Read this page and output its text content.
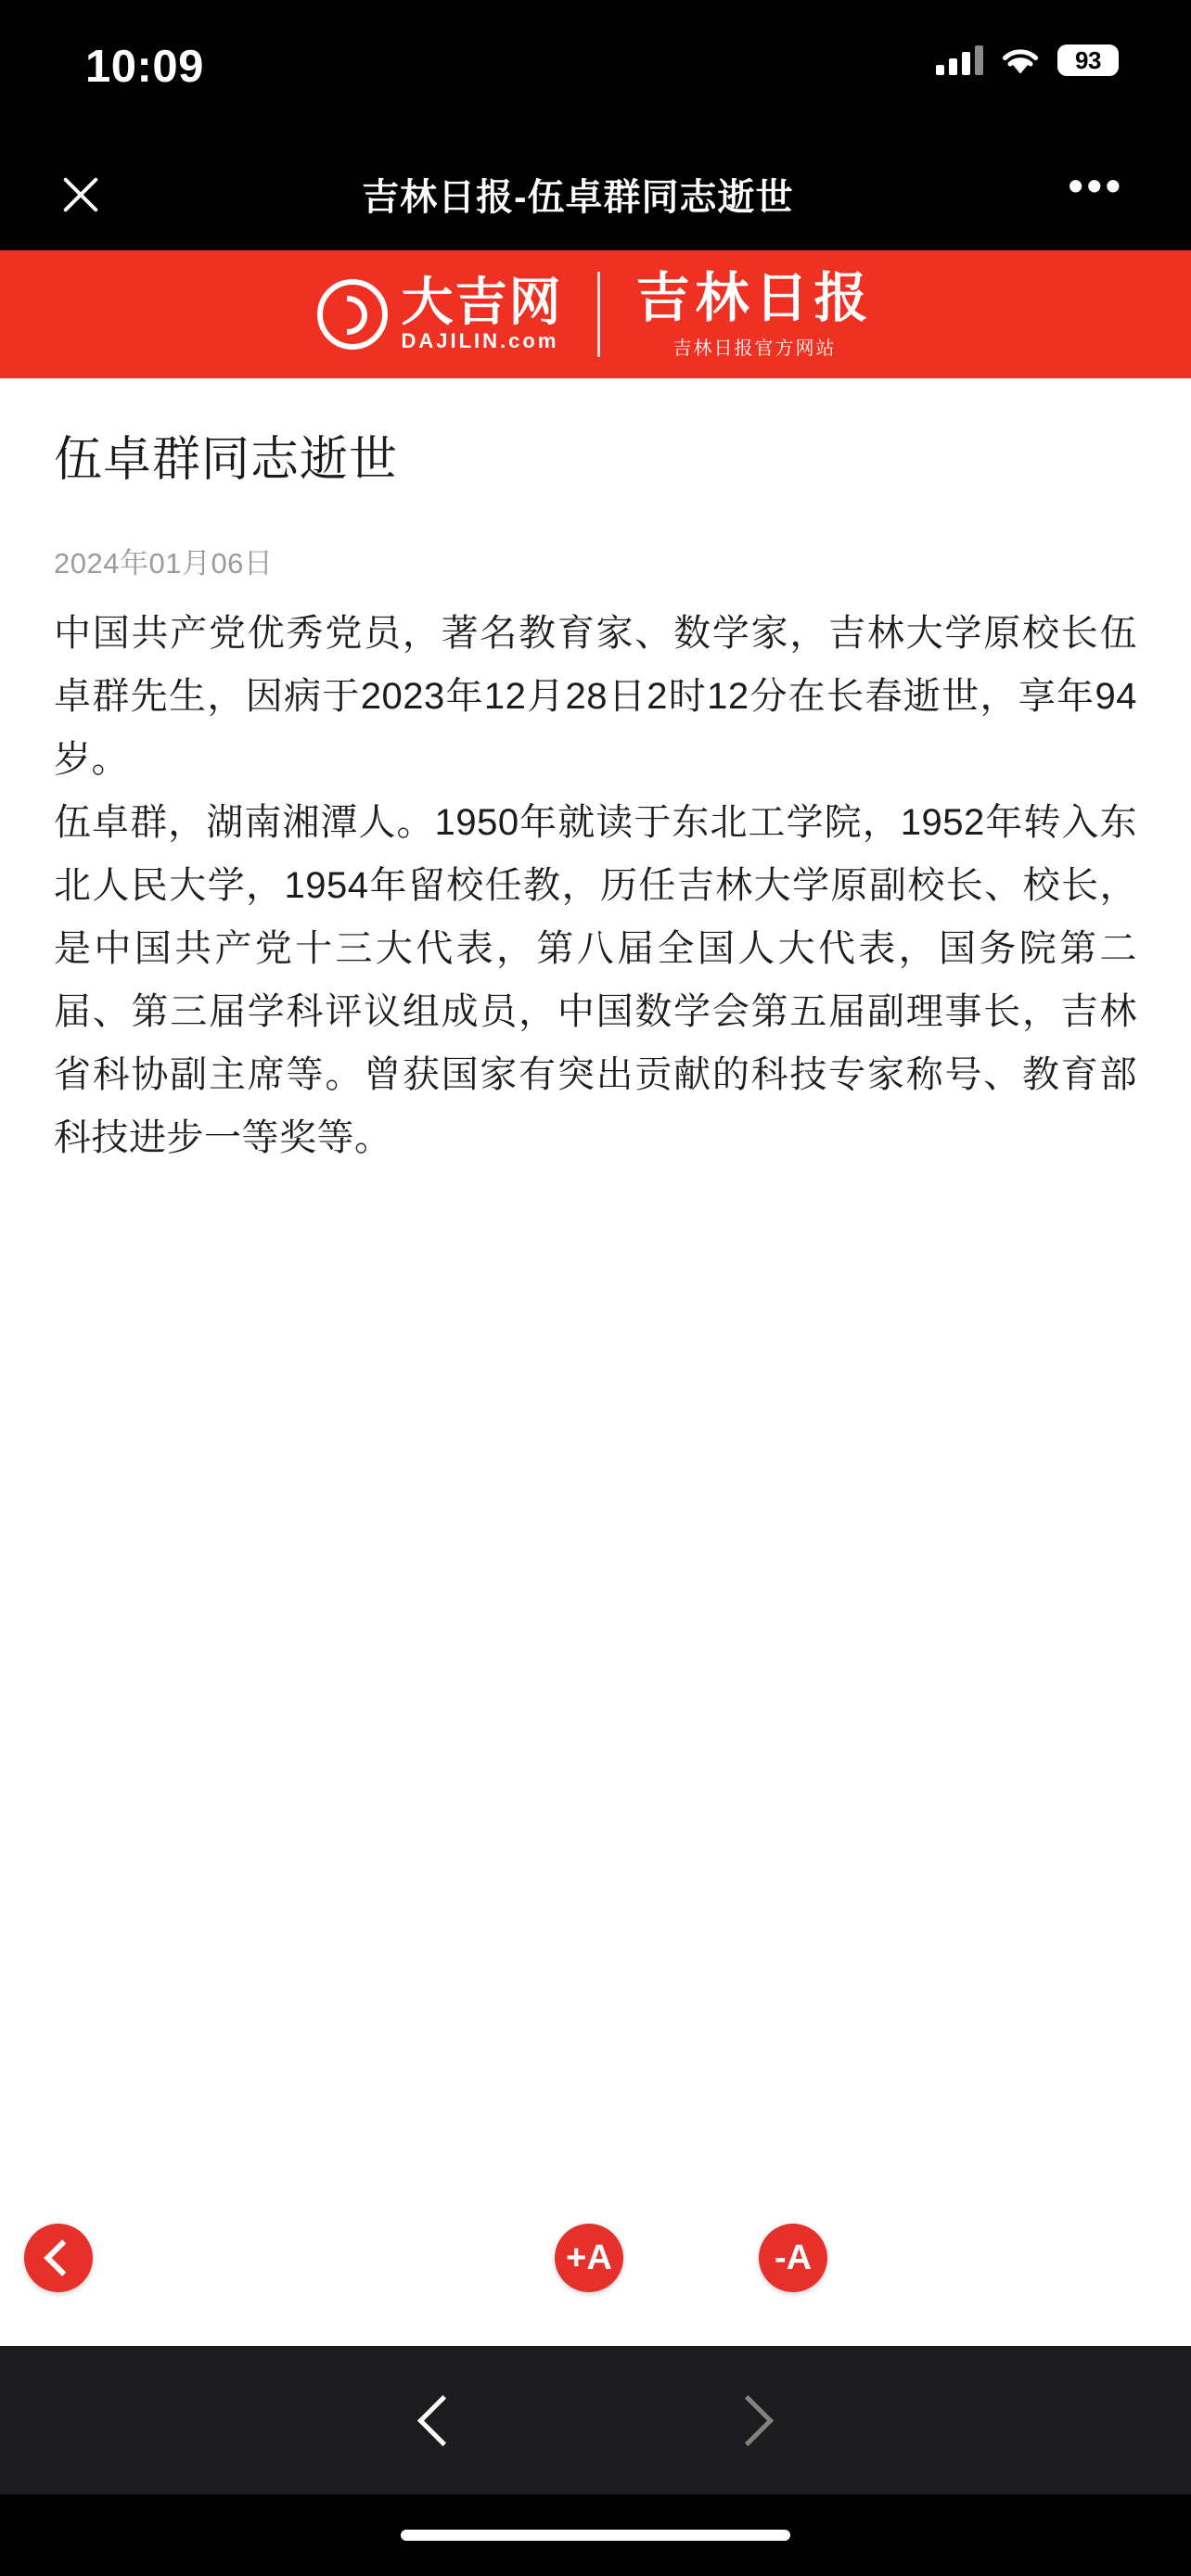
10:09	93
吉林日报-伍卓群同志逝世	•••
大吉网
DAJILIN.com
吉林日报
吉林日报官方网站
伍卓群同志逝世
2024年01月06日

中国共产党优秀党员，著名教育家、数学家，吉林大学原校长伍卓群先生，因病于2023年12月28日2时12分在长春逝世，享年94岁。

伍卓群，湖南湘潭人。1950年就读于东北工学院，1952年转入东北人民大学，1954年留校任教，历任吉林大学原副校长、校长，是中国共产党十三大代表，第八届全国人大代表，国务院第二届、第三届学科评议组成员，中国数学会第五届副理事长，吉林省科协副主席等。曾获国家有突出贡献的科技专家称号、教育部科技进步一等奖等。

+A	-A
